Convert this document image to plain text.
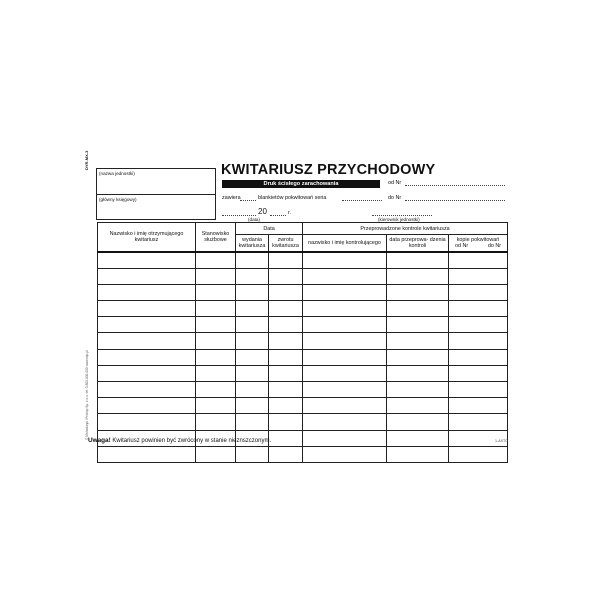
DYR-MX-3
© Michalczyk i Prokop Sp. z o.o. tel. 0-800-000-000 www.mip.pl
(nazwa jednostki)
(główny księgowy)
KWITARIUSZ PRZYCHODOWY
Druk ścisłego zarachowania	od Nr
zawiera	blankietów pokwitowań seria	do Nr
20	r.
(data)	(kierownik jednostki)
Nazwisko i imię otrzymującego kwitariusz	Stanowisko służbowe	Data		Przeprowadzone kontrole kwitariusza		
		wydania kwitariusza	zwrotu kwitariusza	nazwisko i imię kontrolującego	data przeprowa- dzenia kontroli	kopie pokwitowań
od Nr do Nr

Uwaga! Kwitariusz powinien być zwrócony w stanie nieznszczonym.	1-AXTO
